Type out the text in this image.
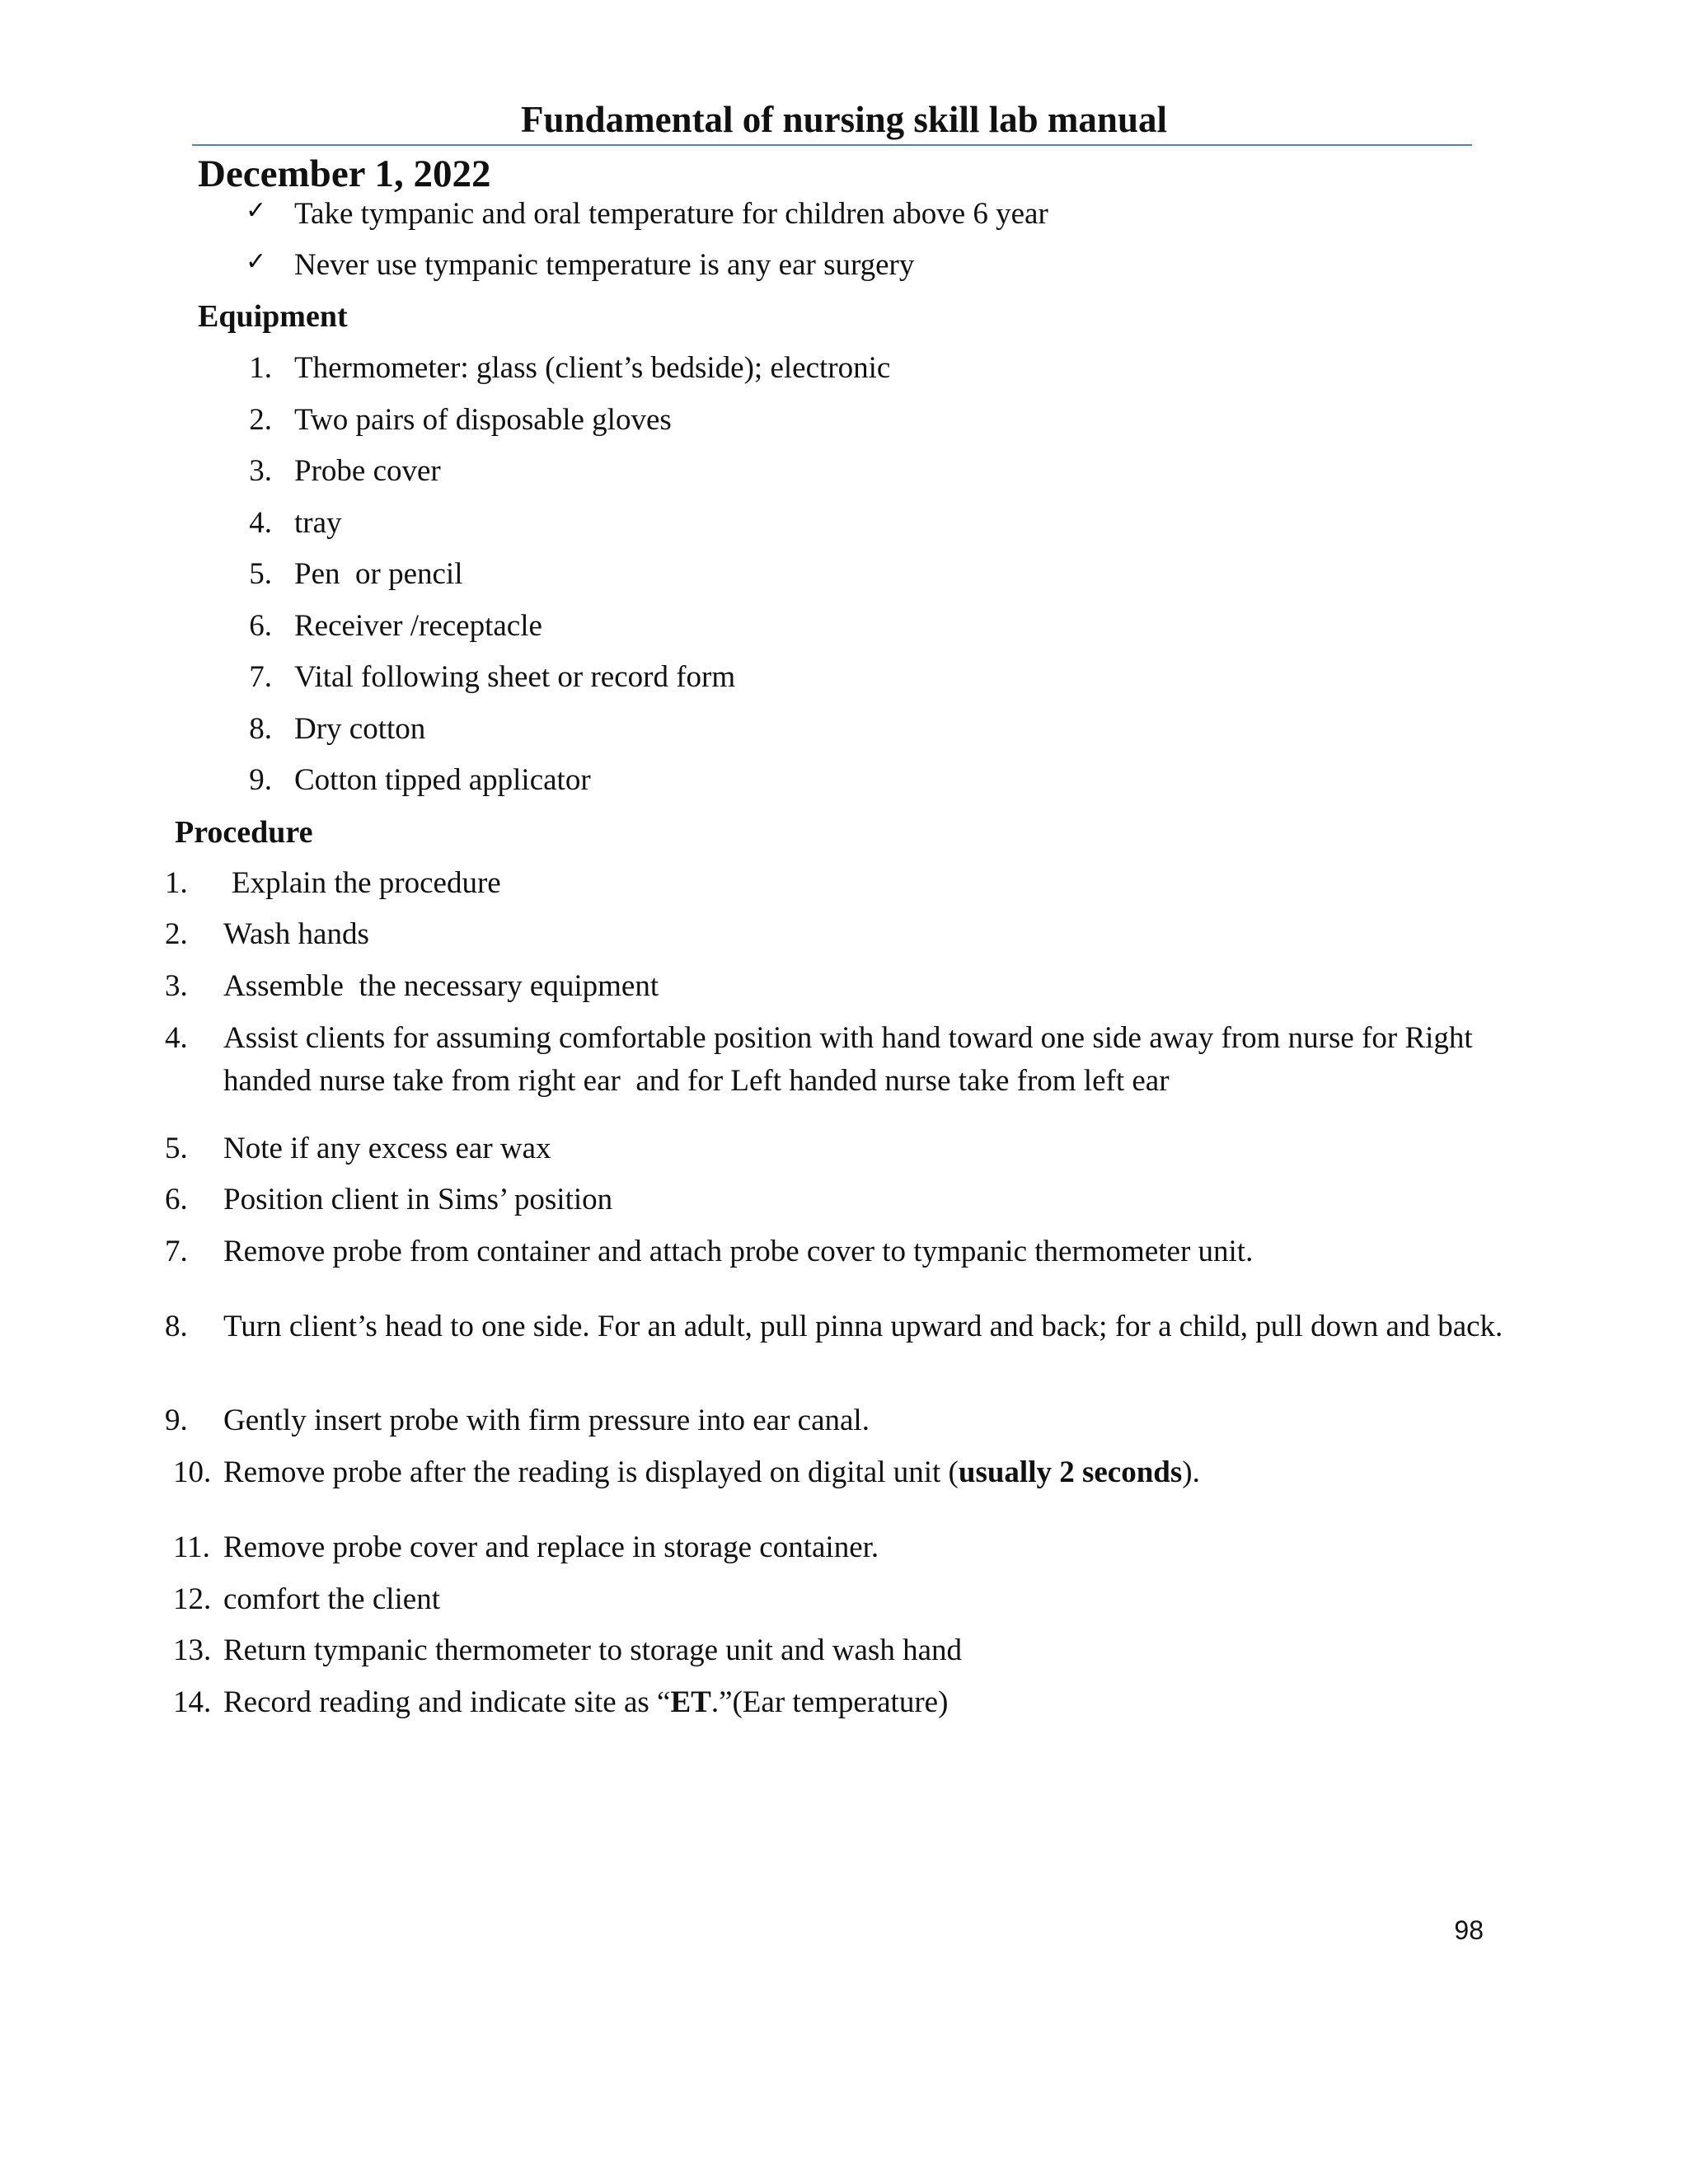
Fundamental of nursing skill lab manual
December 1, 2022
✓ Take tympanic and oral temperature for children above 6 year
✓ Never use tympanic temperature is any ear surgery
Equipment
1. Thermometer: glass (client’s bedside); electronic
2. Two pairs of disposable gloves
3. Probe cover
4. tray
5. Pen  or pencil
6. Receiver /receptacle
7. Vital following sheet or record form
8. Dry cotton
9. Cotton tipped applicator
Procedure
1.	Explain the procedure
2.	Wash hands
3.	Assemble  the necessary equipment
4.	Assist clients for assuming comfortable position with hand toward one side away from nurse for Right handed nurse take from right ear  and for Left handed nurse take from left ear
5.	Note if any excess ear wax
6.	Position client in Sims’ position
7.	Remove probe from container and attach probe cover to tympanic thermometer unit.
8.	Turn client’s head to one side. For an adult, pull pinna upward and back; for a child, pull down and back.
9.	Gently insert probe with firm pressure into ear canal.
10. Remove probe after the reading is displayed on digital unit (usually 2 seconds).
11. Remove probe cover and replace in storage container.
12. comfort the client
13. Return tympanic thermometer to storage unit and wash hand
14. Record reading and indicate site as “ET.”(Ear temperature)
98
